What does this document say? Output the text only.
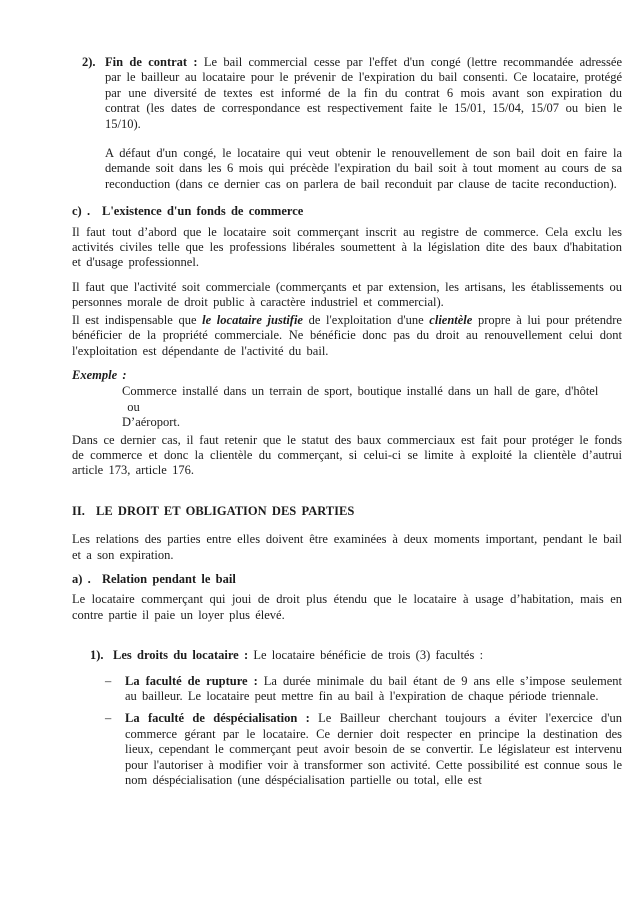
2). Fin de contrat : Le bail commercial cesse par l'effet d'un congé (lettre recommandée adressée par le bailleur au locataire pour le prévenir de l'expiration du bail consenti. Ce locataire, protégé par une diversité de textes est informé de la fin du contrat 6 mois avant son expiration du contrat (les dates de correspondance est respectivement faite le 15/01, 15/04, 15/07 ou bien le 15/10).
A défaut d'un congé, le locataire qui veut obtenir le renouvellement de son bail doit en faire la demande soit dans les 6 mois qui précède l'expiration du bail soit à tout moment au cours de sa reconduction (dans ce dernier cas on parlera de bail reconduit par clause de tacite reconduction).
c) . L'existence d'un fonds de commerce
Il faut tout d’abord que le locataire soit commerçant inscrit au registre de commerce. Cela exclu les activités civiles telle que les professions libérales soumettent à la législation dite des baux d'habitation et d'usage professionnel.
Il faut que l'activité soit commerciale (commerçants et par extension, les artisans, les établissements ou personnes morale de droit public à caractère industriel et commercial).
Il est indispensable que le locataire justifie de l'exploitation d'une clientèle propre à lui pour prétendre bénéficier de la propriété commerciale. Ne bénéficie donc pas du droit au renouvellement celui dont l'exploitation est dépendante de l'activité du bail.
Exemple :
Commerce installé dans un terrain de sport, boutique installé dans un hall de gare, d'hôtel
ou
D’aéroport.
Dans ce dernier cas, il faut retenir que le statut des baux commerciaux est fait pour protéger le fonds de commerce et donc la clientèle du commerçant, si celui-ci se limite à exploité la clientèle d’autrui article 173, article 176.
II. LE DROIT ET OBLIGATION DES PARTIES
Les relations des parties entre elles doivent être examinées à deux moments important, pendant le bail et a son expiration.
a) . Relation pendant le bail
Le locataire commerçant qui joui de droit plus étendu que le locataire à usage d’habitation, mais en contre partie il paie un loyer plus élevé.
1). Les droits du locataire : Le locataire bénéficie de trois (3) facultés :
– La faculté de rupture : La durée minimale du bail étant de 9 ans elle s’impose seulement au bailleur. Le locataire peut mettre fin au bail à l'expiration de chaque période triennale.
– La faculté de déspécialisation : Le Bailleur cherchant toujours a éviter l'exercice d'un commerce gérant par le locataire. Ce dernier doit respecter en principe la destination des lieux, cependant le commerçant peut avoir besoin de se convertir. Le législateur est intervenu pour l'autoriser à modifier voir à transformer son activité. Cette possibilité est connue sous le nom déspécialisation (une déspécialisation partielle ou total, elle est
